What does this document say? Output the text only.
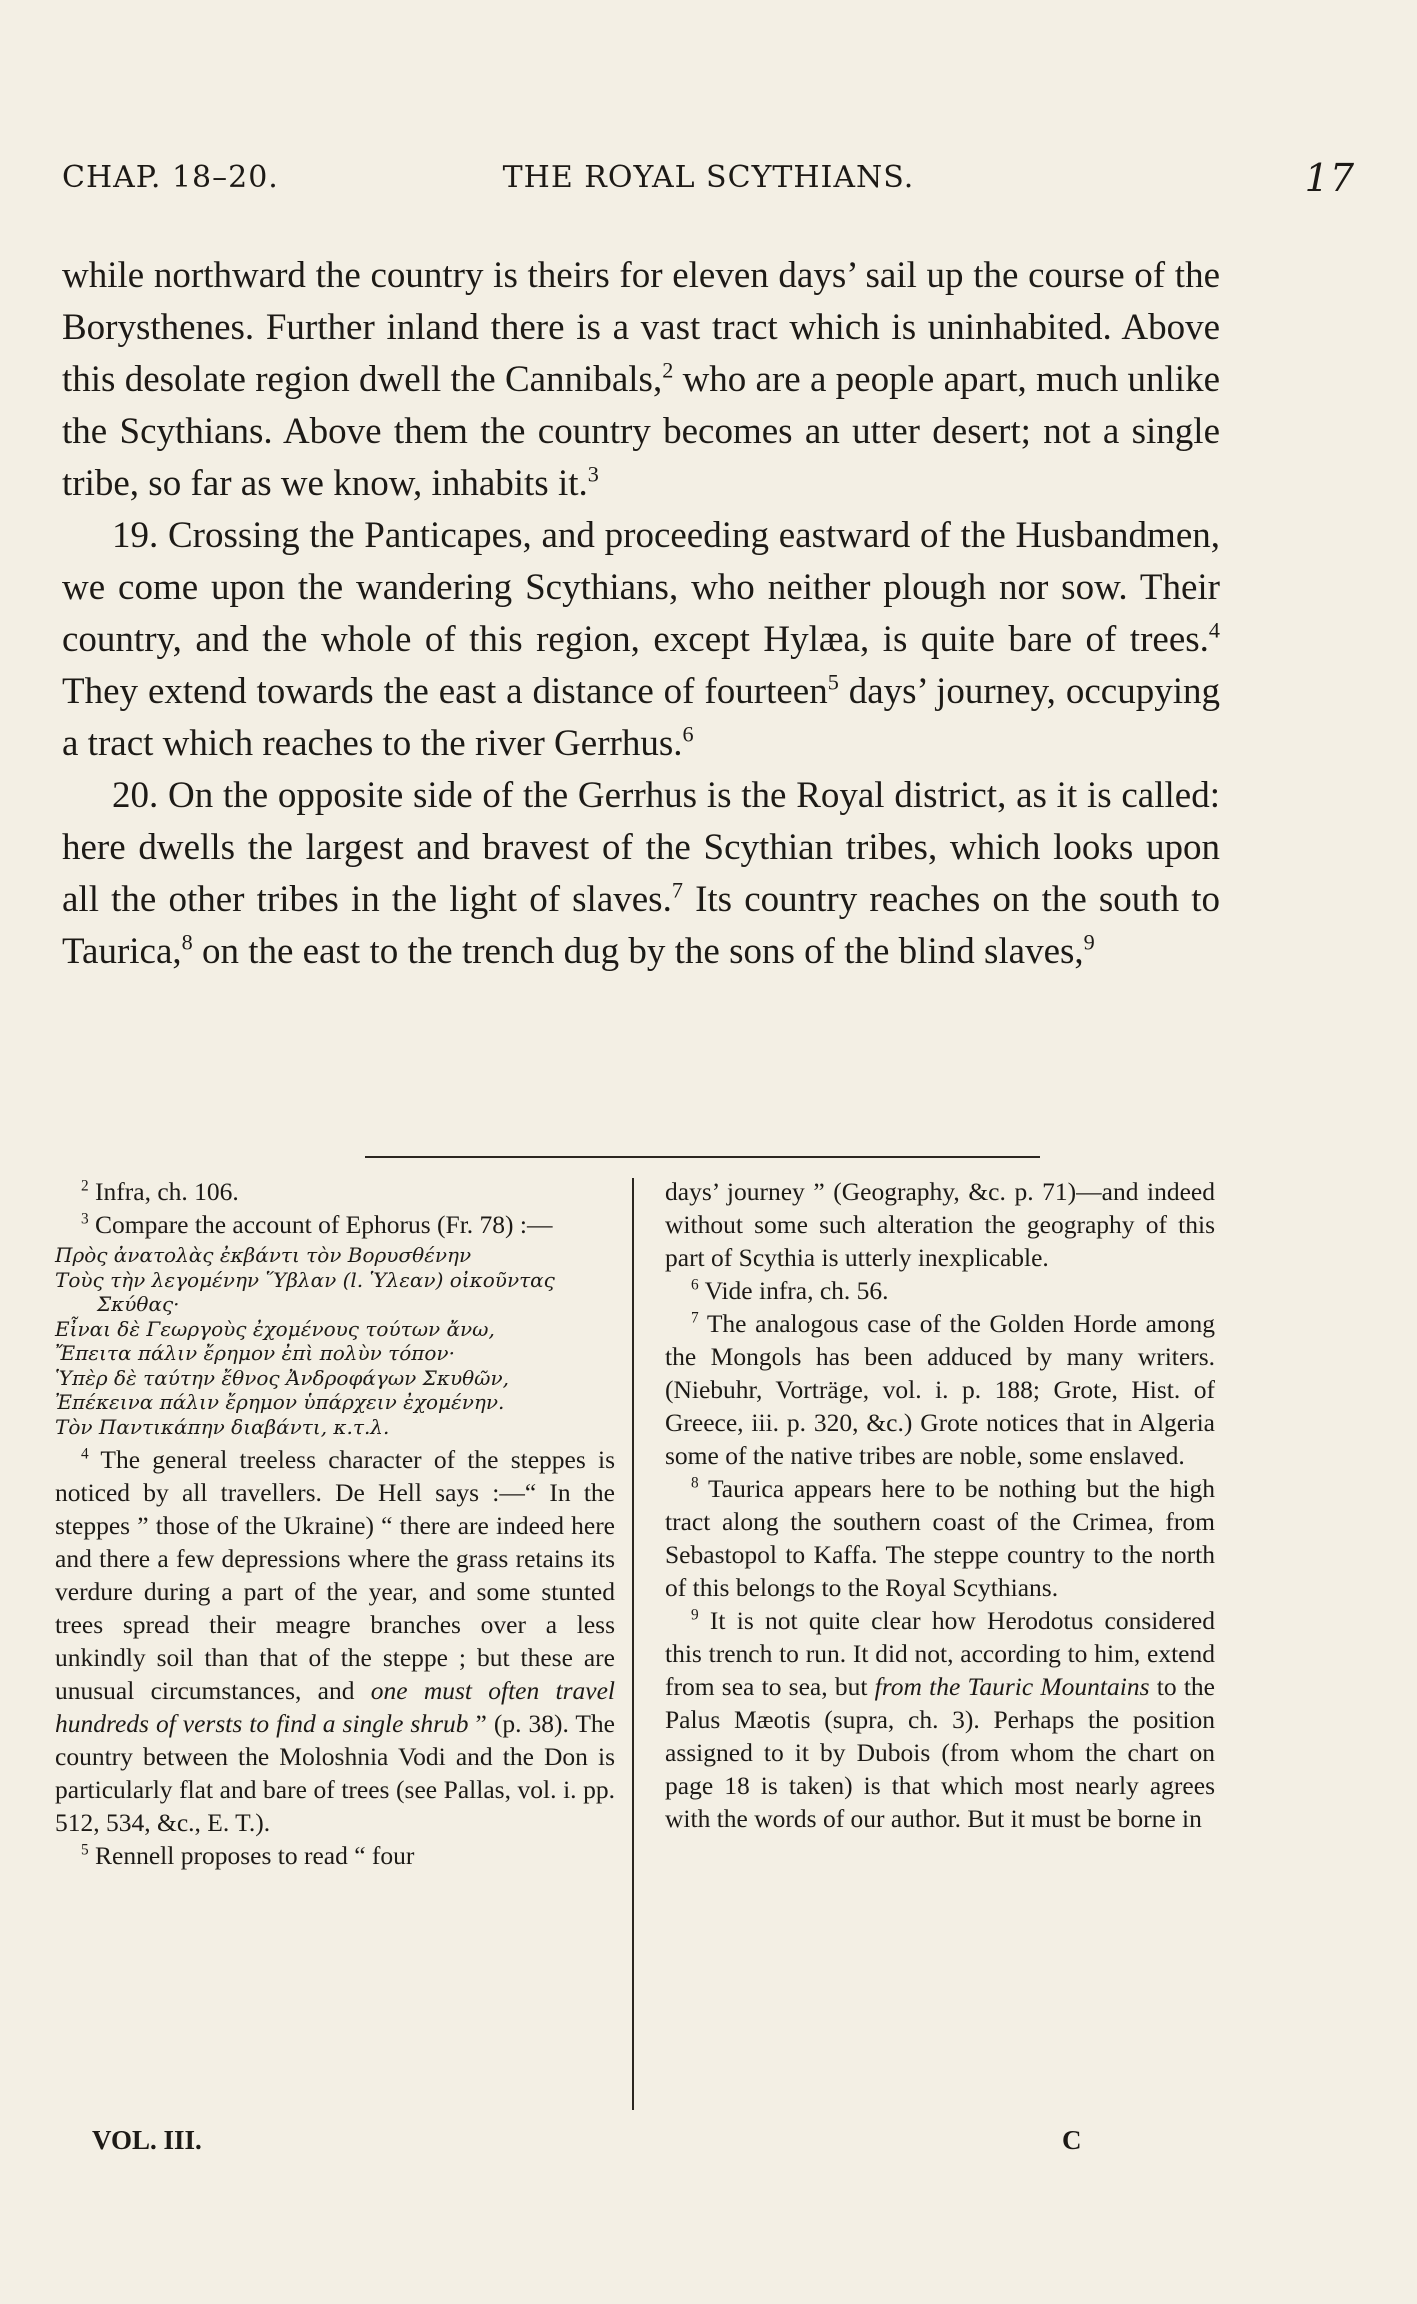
CHAP. 18–20.	THE ROYAL SCYTHIANS.	17

while northward the country is theirs for eleven days’ sail up the course of the Borysthenes. Further inland there is a vast tract which is uninhabited. Above this desolate region dwell the Cannibals,$^2$ who are a people apart, much unlike the Scythians. Above them the country becomes an utter desert; not a single tribe, so far as we know, inhabits it.$^3$

19. Crossing the Panticapes, and proceeding eastward of the Husbandmen, we come upon the wandering Scythians, who neither plough nor sow. Their country, and the whole of this region, except Hylæa, is quite bare of trees.$^4$ They extend towards the east a distance of fourteen$^5$ days’ journey, occupying a tract which reaches to the river Gerrhus.$^6$

20. On the opposite side of the Gerrhus is the Royal district, as it is called: here dwells the largest and bravest of the Scythian tribes, which looks upon all the other tribes in the light of slaves.$^7$ Its country reaches on the south to Taurica,$^8$ on the east to the trench dug by the sons of the blind slaves,$^9$

$^2$ Infra, ch. 106.

$^3$ Compare the account of Ephorus (Fr. 78) :—

Πρὸς ἀνατολὰς ἐκβάντι τὸν Βορυσθένην
Τοὺς τὴν λεγομένην Ὕβλαν (l. Ὑλεαν) οἰκοῦντας
Σκύθας·
Εἶναι δὲ Γεωργοὺς ἐχομένους τούτων ἄνω,
Ἔπειτα πάλιν ἔρημον ἐπὶ πολὺν τόπον·
Ὑπὲρ δὲ ταύτην ἔθνος Ἀνδροφάγων Σκυθῶν,
Ἐπέκεινα πάλιν ἔρημον ὑπάρχειν ἐχομένην.
Τὸν Παντικάπην διαβάντι, κ.τ.λ.

$^4$ The general treeless character of the steppes is noticed by all travellers. De Hell says :—“ In the steppes ” those of the Ukraine) “ there are indeed here and there a few depressions where the grass retains its verdure during a part of the year, and some stunted trees spread their meagre branches over a less unkindly soil than that of the steppe ; but these are unusual circumstances, and one must often travel hundreds of versts to find a single shrub ” (p. 38). The country between the Moloshnia Vodi and the Don is particularly flat and bare of trees (see Pallas, vol. i. pp. 512, 534, &c., E. T.).

$^5$ Rennell proposes to read “ four

days’ journey ” (Geography, &c. p. 71)—and indeed without some such alteration the geography of this part of Scythia is utterly inexplicable.

$^6$ Vide infra, ch. 56.

$^7$ The analogous case of the Golden Horde among the Mongols has been adduced by many writers. (Niebuhr, Vorträge, vol. i. p. 188; Grote, Hist. of Greece, iii. p. 320, &c.) Grote notices that in Algeria some of the native tribes are noble, some enslaved.

$^8$ Taurica appears here to be nothing but the high tract along the southern coast of the Crimea, from Sebastopol to Kaffa. The steppe country to the north of this belongs to the Royal Scythians.

$^9$ It is not quite clear how Herodotus considered this trench to run. It did not, according to him, extend from sea to sea, but from the Tauric Mountains to the Palus Mæotis (supra, ch. 3). Perhaps the position assigned to it by Dubois (from whom the chart on page 18 is taken) is that which most nearly agrees with the words of our author. But it must be borne in

VOL. III.	C
